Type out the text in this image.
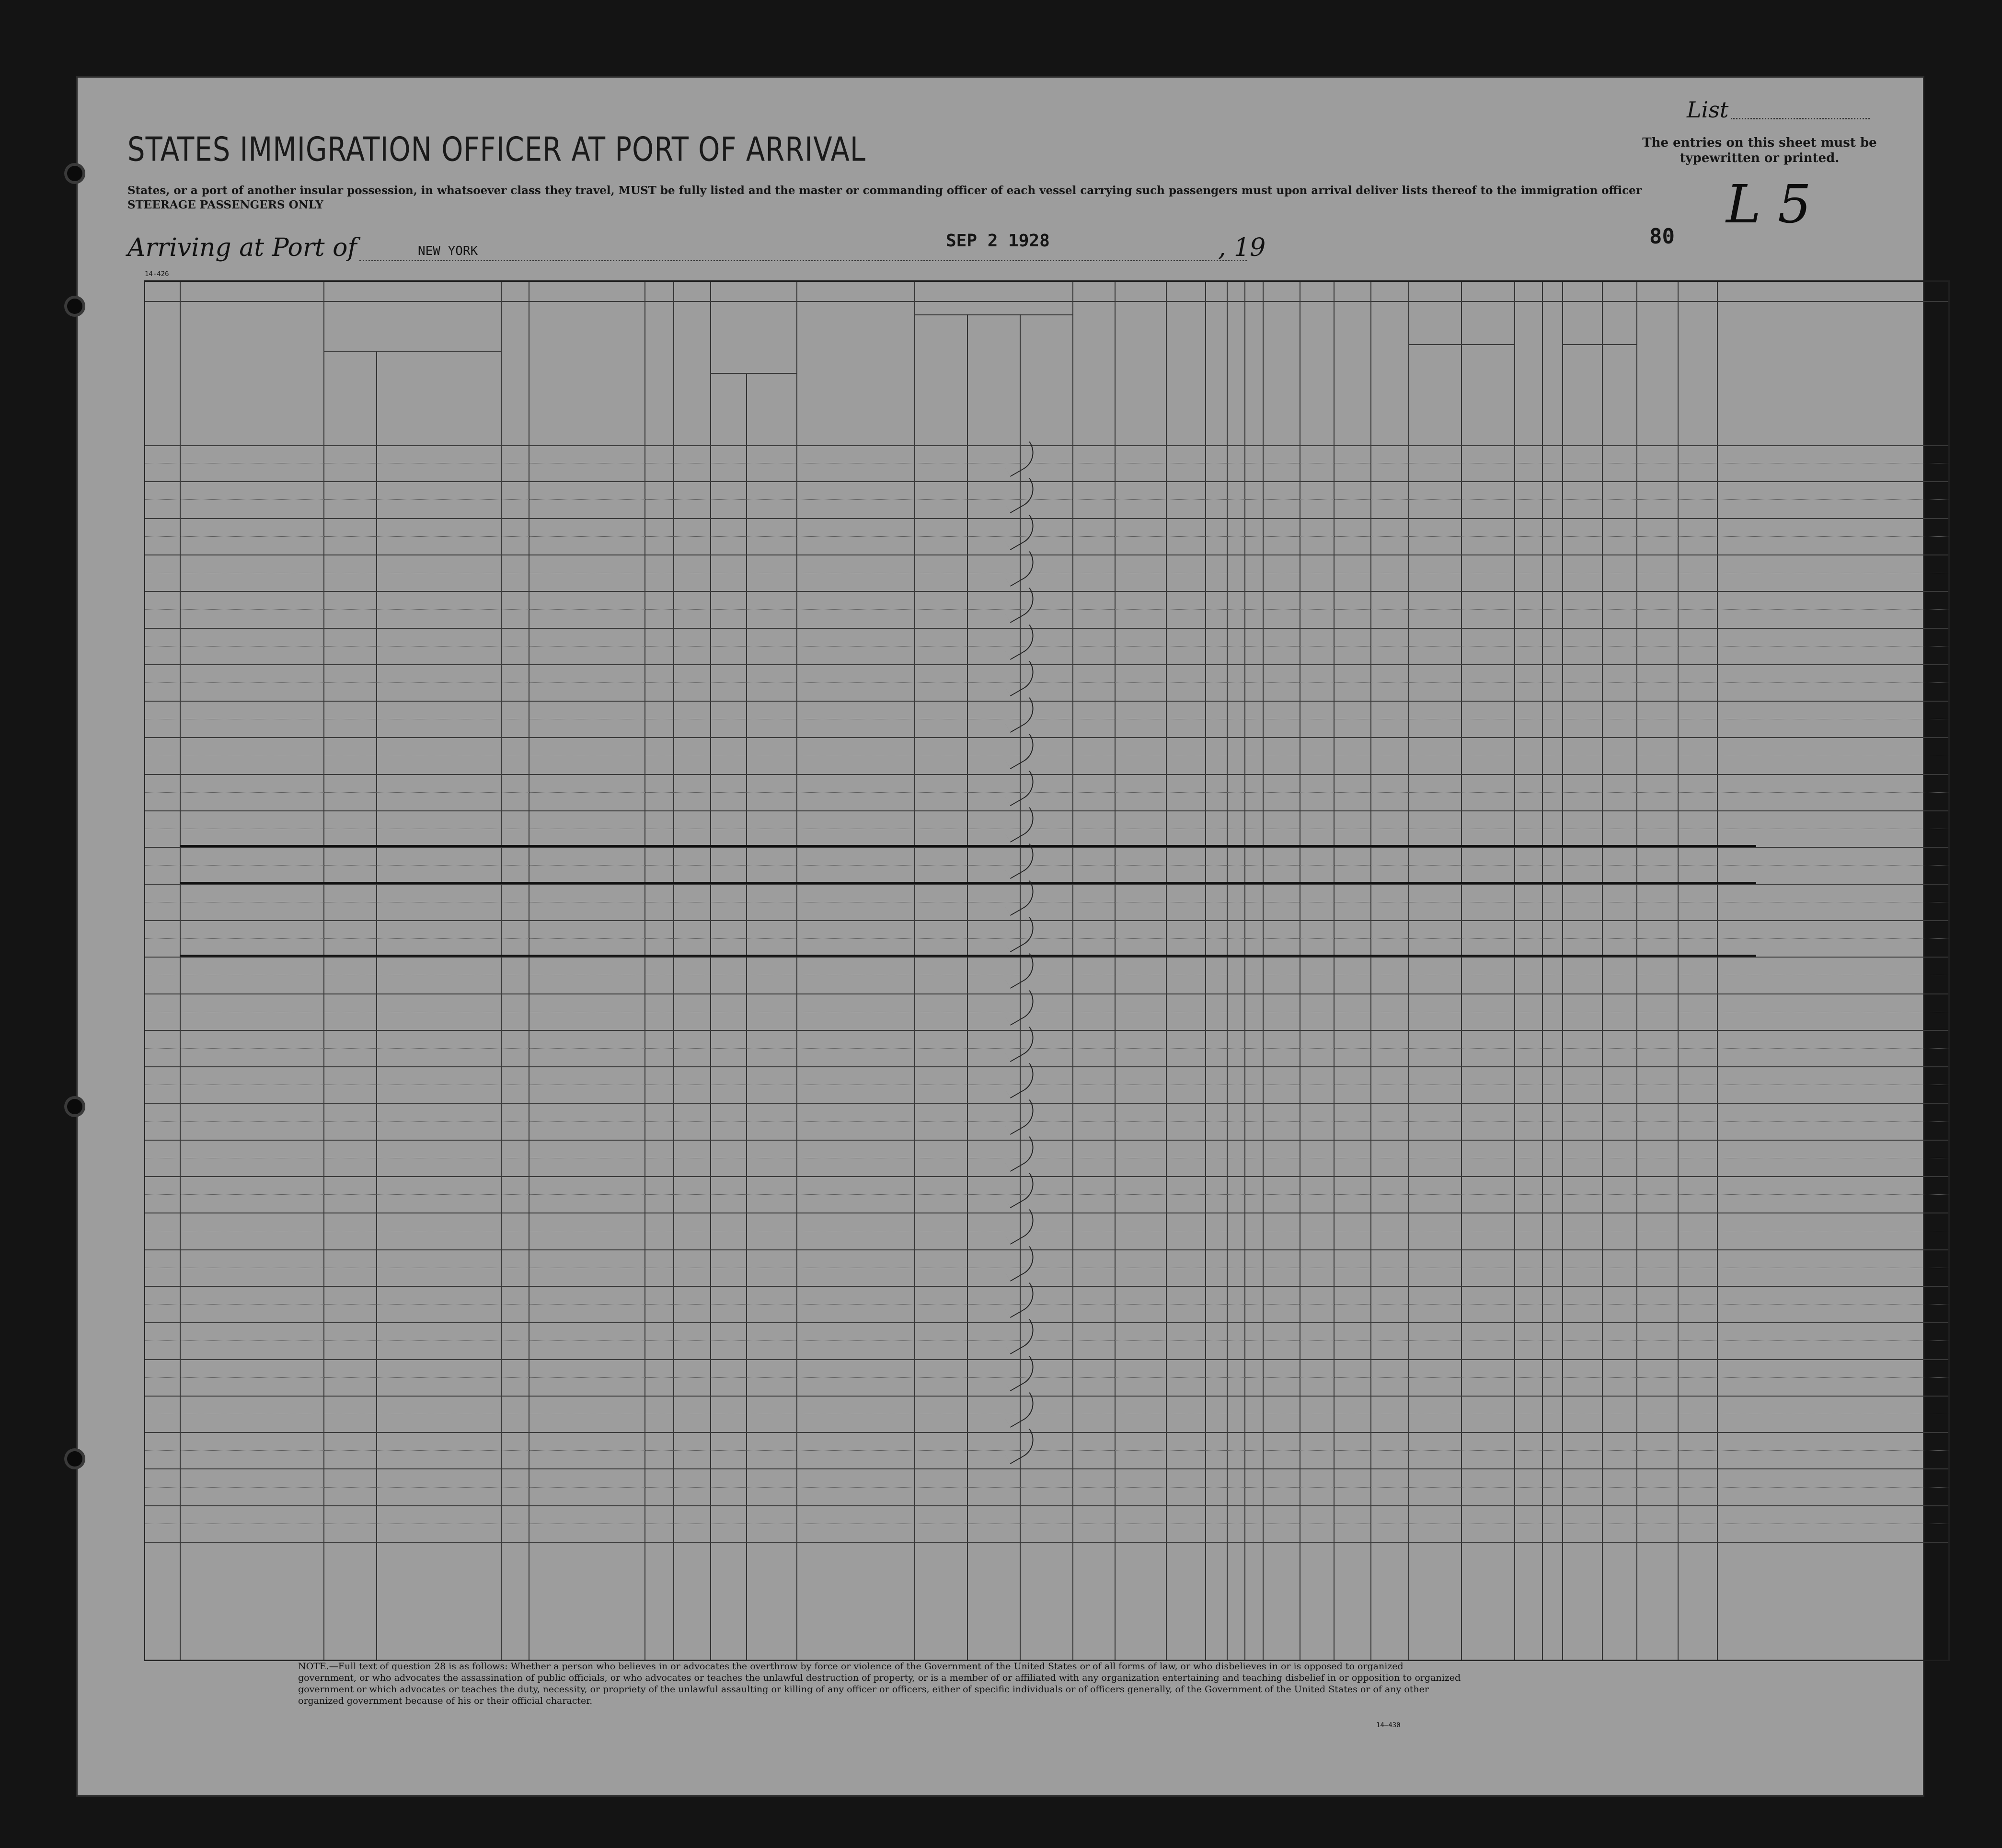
List
The entries on this sheet must be typewritten or printed.
STATES IMMIGRATION OFFICER AT PORT OF ARRIVAL
States, or a port of another insular possession, in whatsoever class they travel, MUST be fully listed and the master or commanding officer of each vessel carrying such passengers must upon arrival deliver lists thereof to the immigration officer
STEERAGE PASSENGERS ONLY	L 5
Arriving at Port of	NEW YORK
SEP 2 1928	, 19	80
14-426
NOTE.—Full text of question 28 is as follows: Whether a person who believes in or advocates the overthrow by force or violence of the Government of the United States or of all forms of law, or who disbelieves in or is opposed to organized government, or who advocates the assassination of public officials, or who advocates or teaches the unlawful destruction of property, or is a member of or affiliated with any organization entertaining and teaching disbelief in or opposition to organized government or which advocates or teaches the duty, necessity, or propriety of the unlawful assaulting or killing of any officer or officers, either of specific individuals or of officers generally, of the Government of the United States or of any other organized government because of his or their official character.
14—430
